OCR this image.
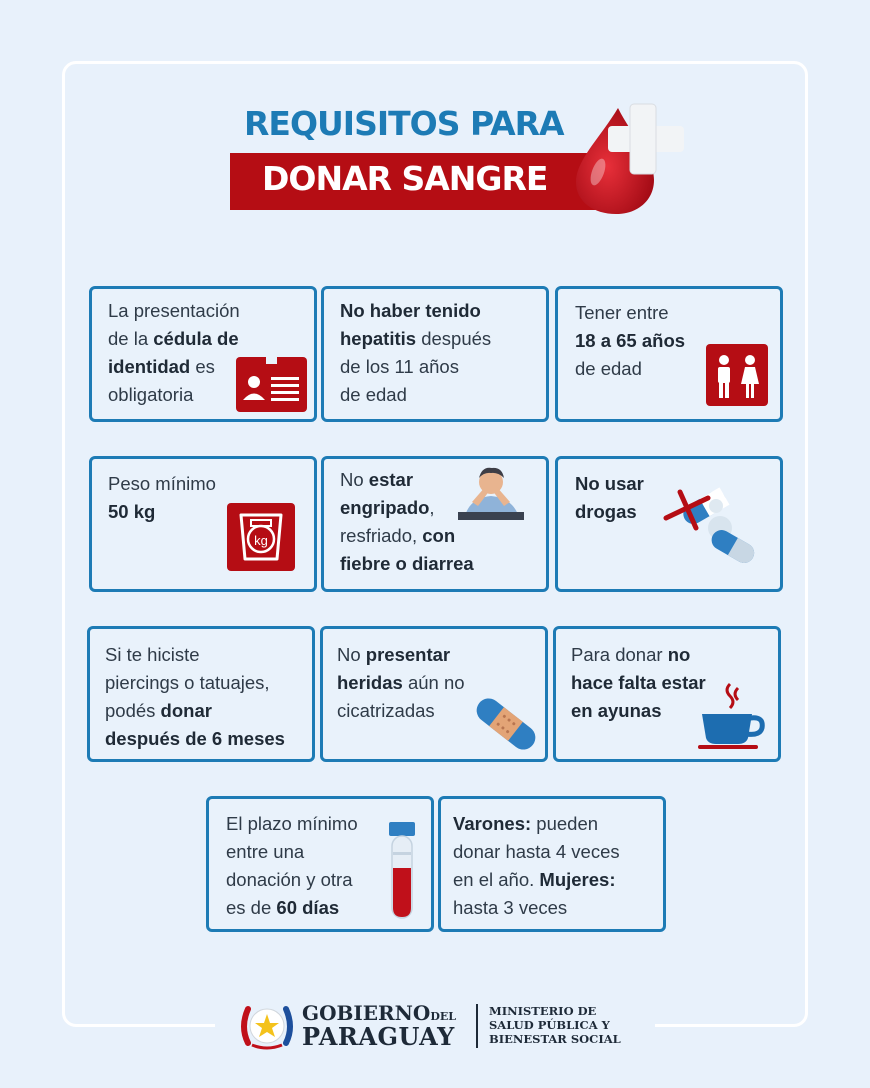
REQUISITOS PARA
DONAR SANGRE
La presentación
de la cédula de
identidad es
obligatoria
No haber tenido
hepatitis después
de los 11 años
de edad
Tener entre
18 a 65 años
de edad
Peso mínimo
50 kg
No estar
engripado,
resfriado, con
fiebre o diarrea
No usar
drogas
Si te hiciste
piercings o tatuajes,
podés donar
después de 6 meses
No presentar
heridas aún no
cicatrizadas
Para donar no
hace falta estar
en ayunas
El plazo mínimo
entre una
donación y otra
es de 60 días
Varones: pueden
donar hasta 4 veces
en el año. Mujeres:
hasta 3 veces
kg
GOBIERNODEL
PARAGUAY
MINISTERIO DE
SALUD PÚBLICA Y
BIENESTAR SOCIAL
